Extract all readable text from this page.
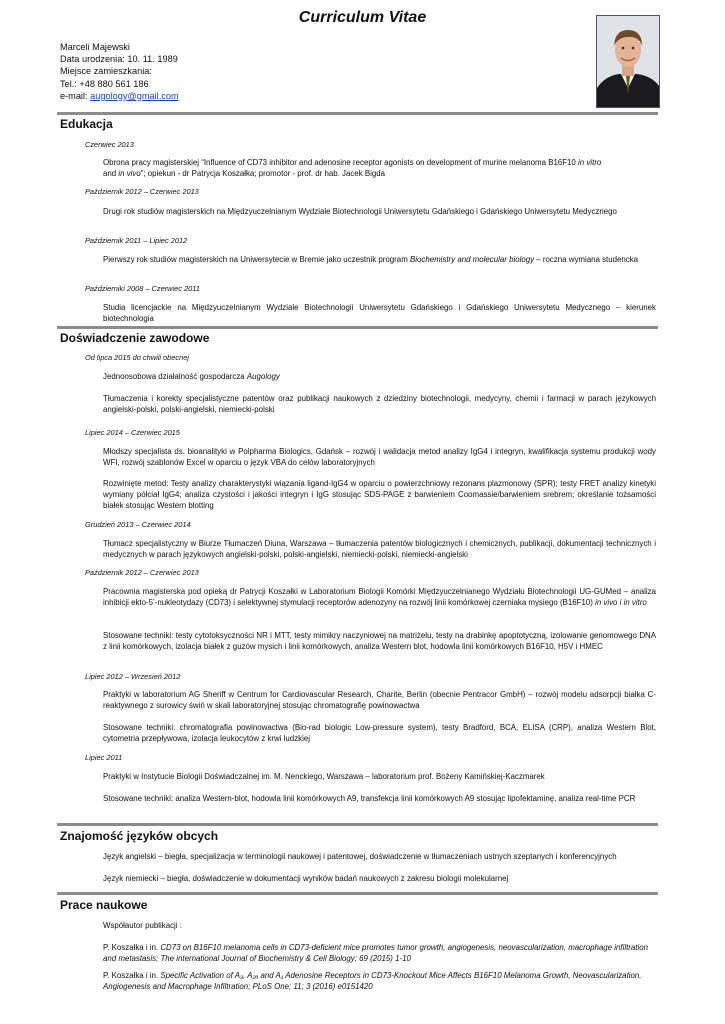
Curriculum Vitae
Marceli Majewski
Data urodzenia: 10. 11. 1989
Miejsce zamieszkania:
Tel.: +48 880 561 186
e-mail: augology@gmail.com
Edukacja
Czerwiec 2013
Obrona pracy magisterskiej “Influence of CD73 inhibitor and adenosine receptor agonists on development of murine melanoma B16F10 in vitro
and in vivo”; opiekun - dr Patrycja Koszałka; promotor - prof. dr hab. Jacek Bigda
Październik 2012 – Czerwiec 2013
Drugi rok studiów magisterskich na Międzyuczelnianym Wydziale Biotechnologii Uniwersytetu Gdańskiego i Gdańskiego Uniwersytetu Medycznego
Październik 2011 – Lipiec 2012
Pierwszy rok studiów magisterskich na Uniwersytecie w Bremie jako uczestnik program Biochemistry and molecular biology – roczna wymiana studencka
Październiki 2008 – Czerwiec 2011
Studia licencjackie na Międzyuczelnianym Wydziale Biotechnologii Uniwersytetu Gdańskiego i Gdańskiego Uniwersytetu Medycznego – kierunek biotechnologia
Doświadczenie zawodowe
Od lipca 2015 do chwili obecnej
Jednoosobowa działalność gospodarcza Augology
Tłumaczenia i korekty specjalistyczne patentów oraz publikacji naukowych z dziedziny biotechnologii, medycyny, chemii i farmacji w parach językowych angielski-polski, polski-angielski, niemiecki-polski
Lipiec 2014 – Czerwiec 2015
Młodszy specjalista ds. bioanalityki w Polpharma Biologics, Gdańsk – rozwój i walidacja metod analizy IgG4 i integryn, kwalifikacja systemu produkcji wody WFI, rozwój szablonów Excel w oparciu o język VBA do celów laboratoryjnych
Rozwinięte metod: Testy analizy charakterystyki wiązania ligand-IgG4 w oparciu o powierzchniowy rezonans plazmonowy (SPR); testy FRET analizy kinetyki wymiany półciał IgG4; analiza czystości i jakości integryn i IgG stosując SDS-PAGE z barwieniem Coomassie/barwieniem srebrem; określanie tożsamości białek stosując Western blotting
Grudzień 2013 – Czerwiec 2014
Tłumacz specjalistyczny w Biurze Tłumaczeń Diuna, Warszawa – tłumaczenia patentów biologicznych i chemicznych, publikacji, dokumentacji technicznych i medycznych w parach językowych angielski-polski, polski-angielski, niemiecki-polski, niemiecki-angielski
Październik 2012 – Czerwiec 2013
Pracownia magisterska pod opieką dr Patrycji Koszałki w Laboratorium Biologii Komórki Międzyuczelnianego Wydziału Biotechnologii UG-GUMed – analiza inhibicji ekto-5’-nukleotydazy (CD73) i selektywnej stymulacji receptorów adenozyny na rozwój linii komórkowej czerniaka mysiego (B16F10) in vivo i in vitro
Stosowane techniki: testy cytotoksyczności NR i MTT, testy mimikry naczyniowej na matriżelu, testy na drabinkę apoptotyczną, izolowanie genomowego DNA z linii komórkowych, izolacja białek z guzów mysich i linii komórkowych, analiza Western blot, hodowla linii komórkowych B16F10, H5V i HMEC
Lipiec 2012 – Wrzesień 2012
Praktyki w laboratorium AG Sheriff w Centrum for Cardiovascular Research, Charite, Berlin (obecnie Pentracor GmbH) – rozwój modelu adsorpcji białka C-reaktywnego z surowicy świń w skali laboratoryjnej stosując chromatografię powinowactwa
Stosowane techniki: chromatografia powinowactwa (Bio-rad biologic Low-pressure system), testy Bradford, BCA, ELISA (CRP), analiza Western Blot, cytometria przepływowa, izolacja leukocytów z krwi ludzkiej
Lipiec 2011
Praktyki w Instytucie Biologii Doświadczalnej im. M. Nenckiego, Warszawa – laboratorium prof. Bożeny Kamińskiej-Kaczmarek
Stosowane techniki: analiza Western-blot, hodowla linii komórkowych A9, transfekcja linii komórkowych A9 stosując lipofektaminę, analiza real-time PCR
Znajomość języków obcych
Język angielski – biegła, specjalizacja w terminologii naukowej i patentowej, doświadczenie w tłumaczeniach ustnych szeptanych i konferencyjnych
Język niemiecki – biegła, doświadczenie w dokumentacji wyników badań naukowych z zakresu biologii molekularnej
Prace naukowe
Współautor publikacji :
P. Koszałka i in. CD73 on B16F10 melanoma cells in CD73-deficient mice promotes tumor growth, angiogenesis, neovascularization, macrophage infiltration and metastasis; The international Journal of Biochemistry & Cell Biology; 69 (2015) 1-10
P. Koszałka i in. Specific Activation of A₃, A₂ₐ and A₁ Adenosine Receptors in CD73-Knockout Mice Affects B16F10 Melanoma Growth, Neovascularization, Angiogenesis and Macrophage Infiltration; PLoS One; 11; 3 (2016) e0151420
